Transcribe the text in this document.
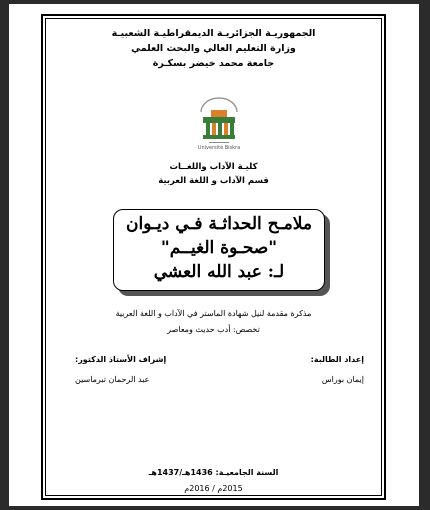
الجمهوريـة الجزائريـة الديمقراطيـة الشعبيـة
وزارة التعليم العالي والبحث العلمي
جامعة محمد خيضر بسكـرة
Université Biskra
كليـة الآداب واللغــات
قسم الآداب و اللغة العربية
ملامـح الحداثـة فـي ديـوان
"صحـوة الغيــم"
لـ: عبد الله العشي
مذكرة مقدمة لنيل شهادة الماستر في الآداب و اللغة العربية
تخصص: أدب حديث ومعاصر
إعداد الطالبة:
إشراف الأستاذ الدكتور:
إيمان بوراس
عبد الرحمان تبرماسين
السنة الجامعيـة: 1436هـ/1437هـ
2015م / 2016م
